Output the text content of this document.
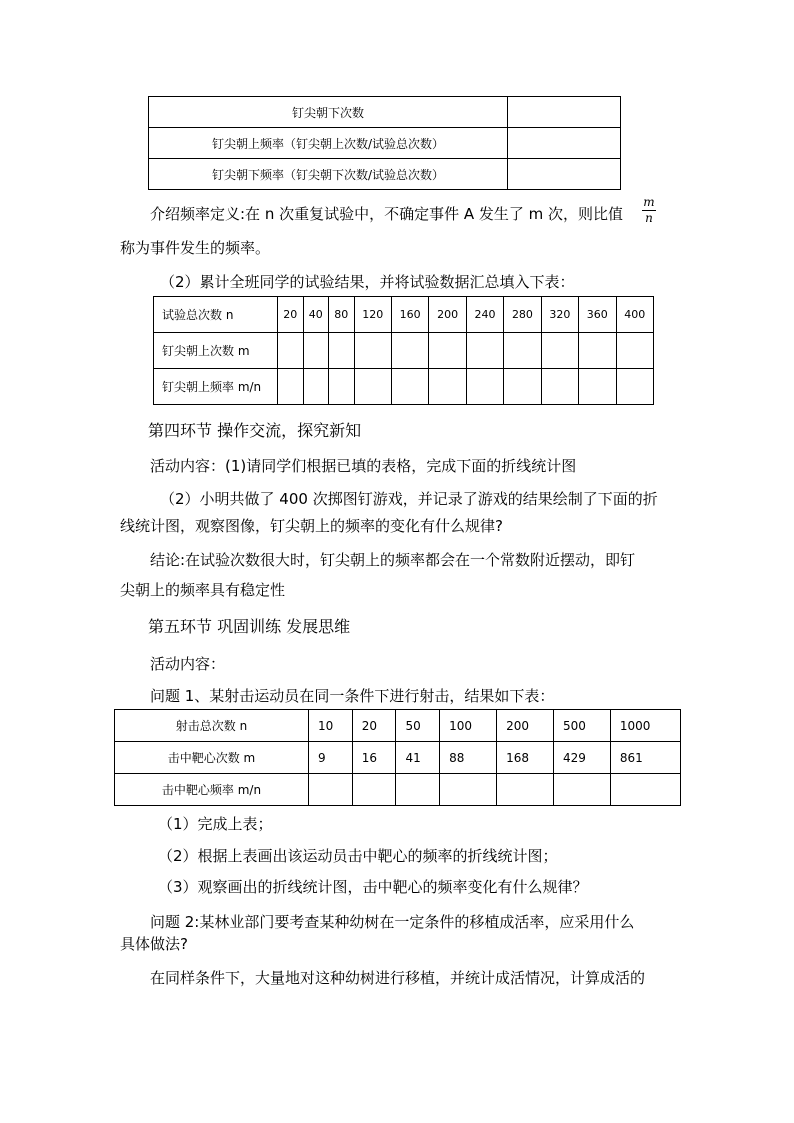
钉尖朝下次数	
钉尖朝上频率（钉尖朝上次数/试验总次数）	
钉尖朝下频率（钉尖朝下次数/试验总次数）	
介绍频率定义:在 n 次重复试验中，不确定事件 A 发生了 m 次，则比值
m
n
称为事件发生的频率。
（2）累计全班同学的试验结果，并将试验数据汇总填入下表：
试验总次数 n	20	40	80	120	160	200	240	280	320	360	400
钉尖朝上次数 m											
钉尖朝上频率 m/n											
第四环节 操作交流，探究新知
活动内容：(1)请同学们根据已填的表格，完成下面的折线统计图
（2）小明共做了 400 次掷图钉游戏，并记录了游戏的结果绘制了下面的折
线统计图，观察图像，钉尖朝上的频率的变化有什么规律?
结论:在试验次数很大时，钉尖朝上的频率都会在一个常数附近摆动，即钉
尖朝上的频率具有稳定性
第五环节 巩固训练 发展思维
活动内容：
问题 1、某射击运动员在同一条件下进行射击，结果如下表：
射击总次数 n	10	20	50	100	200	500	1000
击中靶心次数 m	9	16	41	88	168	429	861
击中靶心频率 m/n							
（1）完成上表；
（2）根据上表画出该运动员击中靶心的频率的折线统计图；
（3）观察画出的折线统计图，击中靶心的频率变化有什么规律？
问题 2:某林业部门要考查某种幼树在一定条件的移植成活率，应采用什么
具体做法?
在同样条件下，大量地对这种幼树进行移植，并统计成活情况，计算成活的
